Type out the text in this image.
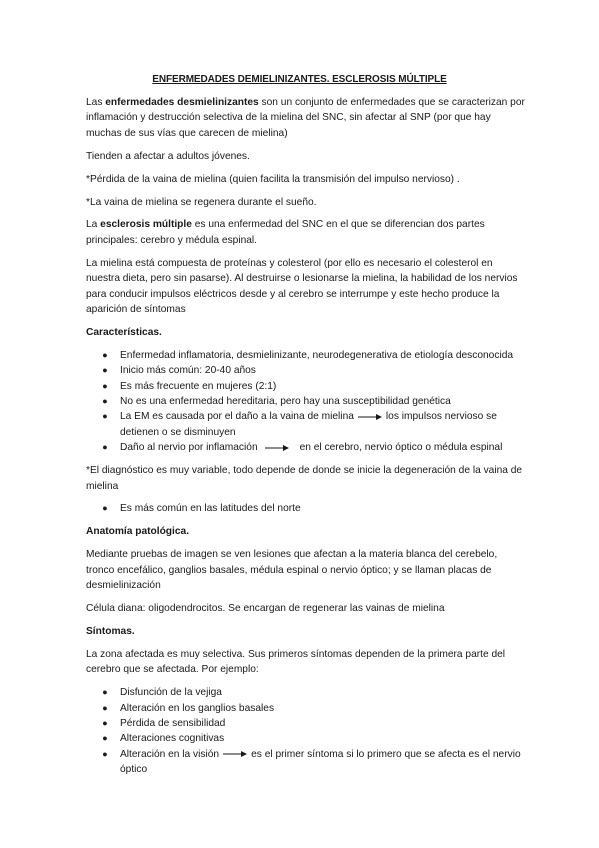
ENFERMEDADES DEMIELINIZANTES. ESCLEROSIS MÚLTIPLE

Las enfermedades desmielinizantes son un conjunto de enfermedades que se caracterizan por inflamación y destrucción selectiva de la mielina del SNC, sin afectar al SNP (por que hay muchas de sus vías que carecen de mielina)

Tienden a afectar a adultos jóvenes.

*Pérdida de la vaina de mielina (quien facilita la transmisión del impulso nervioso) .

*La vaina de mielina se regenera durante el sueño.

La esclerosis múltiple es una enfermedad del SNC en el que se diferencian dos partes principales: cerebro y médula espinal.

La mielina está compuesta de proteínas y colesterol (por ello es necesario el colesterol en nuestra dieta, pero sin pasarse). Al destruirse o lesionarse la mielina, la habilidad de los nervios para conducir impulsos eléctricos desde y al cerebro se interrumpe y este hecho produce la aparición de síntomas

Características.
● Enfermedad inflamatoria, desmielinizante, neurodegenerativa de etiología desconocida
● Inicio más común: 20-40 años
● Es más frecuente en mujeres (2:1)
● No es una enfermedad hereditaria, pero hay una susceptibilidad genética
● La EM es causada por el daño a la vaina de mielina	los impulsos nervioso se detienen o se disminuyen
● Daño al nervio por inflamación	en el cerebro, nervio óptico o médula espinal

*El diagnóstico es muy variable, todo depende de donde se inicie la degeneración de la vaina de mielina

● Es más común en las latitudes del norte
Anatomía patológica.

Mediante pruebas de imagen se ven lesiones que afectan a la materia blanca del cerebelo, tronco encefálico, ganglios basales, médula espinal o nervio óptico; y se llaman placas de desmielinización

Célula diana: oligodendrocitos. Se encargan de regenerar las vainas de mielina

Síntomas.

La zona afectada es muy selectiva. Sus primeros síntomas dependen de la primera parte del cerebro que se afectada. Por ejemplo:

● Disfunción de la vejiga
● Alteración en los ganglios basales
● Pérdida de sensibilidad
● Alteraciones cognitivas
● Alteración en la visión	es el primer síntoma si lo primero que se afecta es el nervio óptico
